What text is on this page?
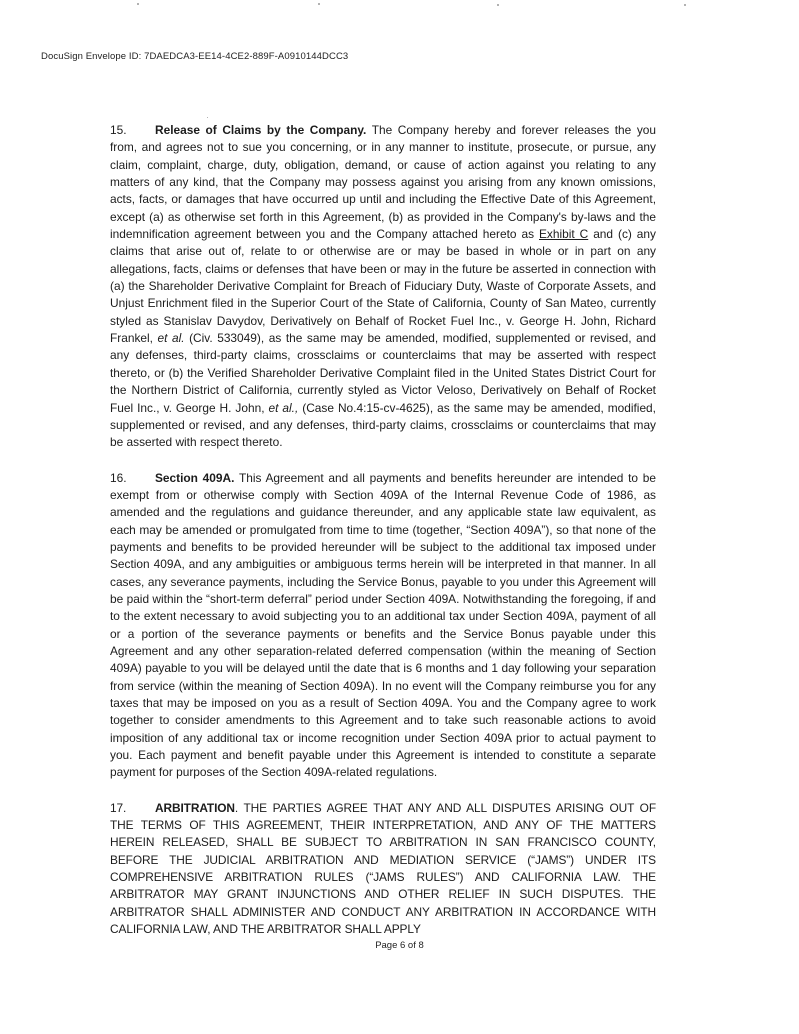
DocuSign Envelope ID: 7DAEDCA3-EE14-4CE2-889F-A0910144DCC3

15. Release of Claims by the Company. The Company hereby and forever releases the you from, and agrees not to sue you concerning, or in any manner to institute, prosecute, or pursue, any claim, complaint, charge, duty, obligation, demand, or cause of action against you relating to any matters of any kind, that the Company may possess against you arising from any known omissions, acts, facts, or damages that have occurred up until and including the Effective Date of this Agreement, except (a) as otherwise set forth in this Agreement, (b) as provided in the Company's by-laws and the indemnification agreement between you and the Company attached hereto as Exhibit C and (c) any claims that arise out of, relate to or otherwise are or may be based in whole or in part on any allegations, facts, claims or defenses that have been or may in the future be asserted in connection with (a) the Shareholder Derivative Complaint for Breach of Fiduciary Duty, Waste of Corporate Assets, and Unjust Enrichment filed in the Superior Court of the State of California, County of San Mateo, currently styled as Stanislav Davydov, Derivatively on Behalf of Rocket Fuel Inc., v. George H. John, Richard Frankel, et al. (Civ. 533049), as the same may be amended, modified, supplemented or revised, and any defenses, third-party claims, crossclaims or counterclaims that may be asserted with respect thereto, or (b) the Verified Shareholder Derivative Complaint filed in the United States District Court for the Northern District of California, currently styled as Victor Veloso, Derivatively on Behalf of Rocket Fuel Inc., v. George H. John, et al., (Case No.4:15-cv-4625), as the same may be amended, modified, supplemented or revised, and any defenses, third-party claims, crossclaims or counterclaims that may be asserted with respect thereto.

16. Section 409A. This Agreement and all payments and benefits hereunder are intended to be exempt from or otherwise comply with Section 409A of the Internal Revenue Code of 1986, as amended and the regulations and guidance thereunder, and any applicable state law equivalent, as each may be amended or promulgated from time to time (together, “Section 409A”), so that none of the payments and benefits to be provided hereunder will be subject to the additional tax imposed under Section 409A, and any ambiguities or ambiguous terms herein will be interpreted in that manner. In all cases, any severance payments, including the Service Bonus, payable to you under this Agreement will be paid within the “short-term deferral” period under Section 409A. Notwithstanding the foregoing, if and to the extent necessary to avoid subjecting you to an additional tax under Section 409A, payment of all or a portion of the severance payments or benefits and the Service Bonus payable under this Agreement and any other separation-related deferred compensation (within the meaning of Section 409A) payable to you will be delayed until the date that is 6 months and 1 day following your separation from service (within the meaning of Section 409A). In no event will the Company reimburse you for any taxes that may be imposed on you as a result of Section 409A. You and the Company agree to work together to consider amendments to this Agreement and to take such reasonable actions to avoid imposition of any additional tax or income recognition under Section 409A prior to actual payment to you. Each payment and benefit payable under this Agreement is intended to constitute a separate payment for purposes of the Section 409A-related regulations.

17. ARBITRATION. THE PARTIES AGREE THAT ANY AND ALL DISPUTES ARISING OUT OF THE TERMS OF THIS AGREEMENT, THEIR INTERPRETATION, AND ANY OF THE MATTERS HEREIN RELEASED, SHALL BE SUBJECT TO ARBITRATION IN SAN FRANCISCO COUNTY, BEFORE THE JUDICIAL ARBITRATION AND MEDIATION SERVICE (“JAMS”) UNDER ITS COMPREHENSIVE ARBITRATION RULES (“JAMS RULES”) AND CALIFORNIA LAW. THE ARBITRATOR MAY GRANT INJUNCTIONS AND OTHER RELIEF IN SUCH DISPUTES. THE ARBITRATOR SHALL ADMINISTER AND CONDUCT ANY ARBITRATION IN ACCORDANCE WITH CALIFORNIA LAW, AND THE ARBITRATOR SHALL APPLY

Page 6 of 8
